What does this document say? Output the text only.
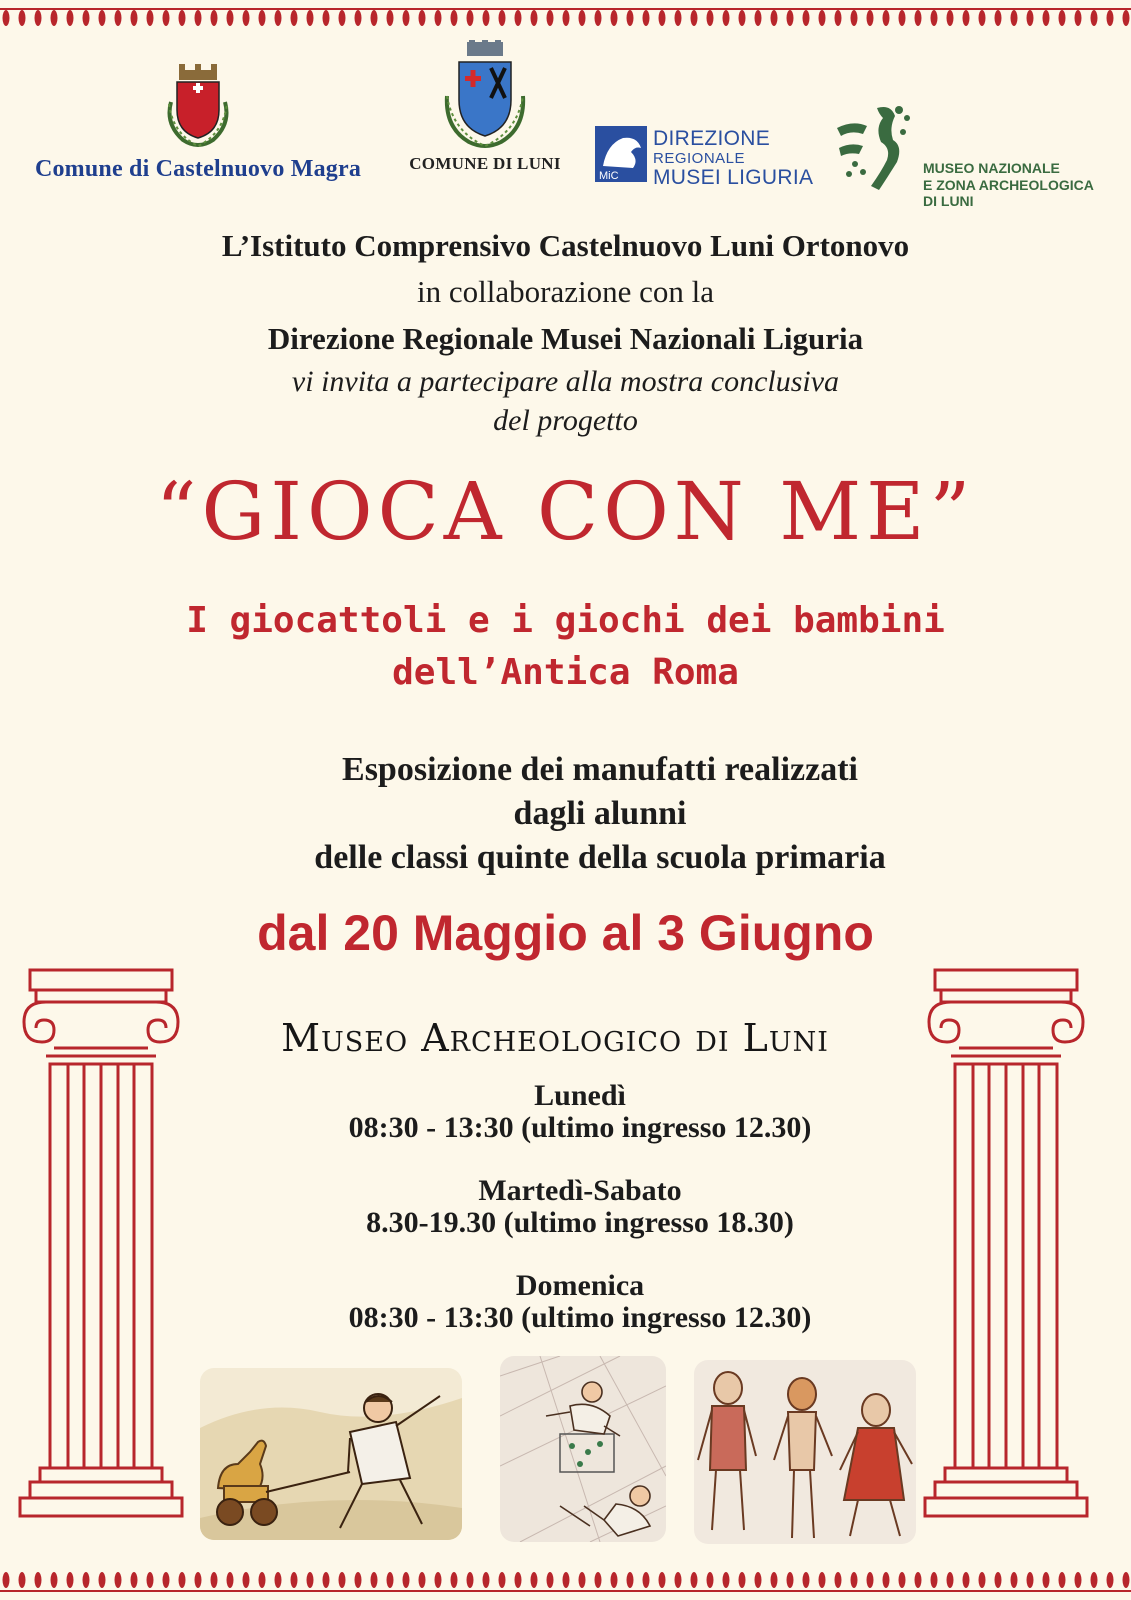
Comune di Castelnuovo Magra	COMUNE DI LUNI
MiC
DIREZIONE
REGIONALE
MUSEI LIGURIA	MUSEO NAZIONALE
E ZONA ARCHEOLOGICA
DI LUNI
L’Istituto Comprensivo Castelnuovo Luni Ortonovo
in collaborazione con la
Direzione Regionale Musei Nazionali Liguria
vi invita a partecipare alla mostra conclusiva
del progetto
“GIOCA CON ME”
I giocattoli e i giochi dei bambini
dell’Antica Roma
Esposizione dei manufatti realizzati
dagli alunni
delle classi quinte della scuola primaria
dal 20 Maggio al 3 Giugno
Museo Archeologico di Luni
Lunedì
08:30 - 13:30 (ultimo ingresso 12.30)
Martedì-Sabato
8.30-19.30 (ultimo ingresso 18.30)
Domenica
08:30 - 13:30 (ultimo ingresso 12.30)
